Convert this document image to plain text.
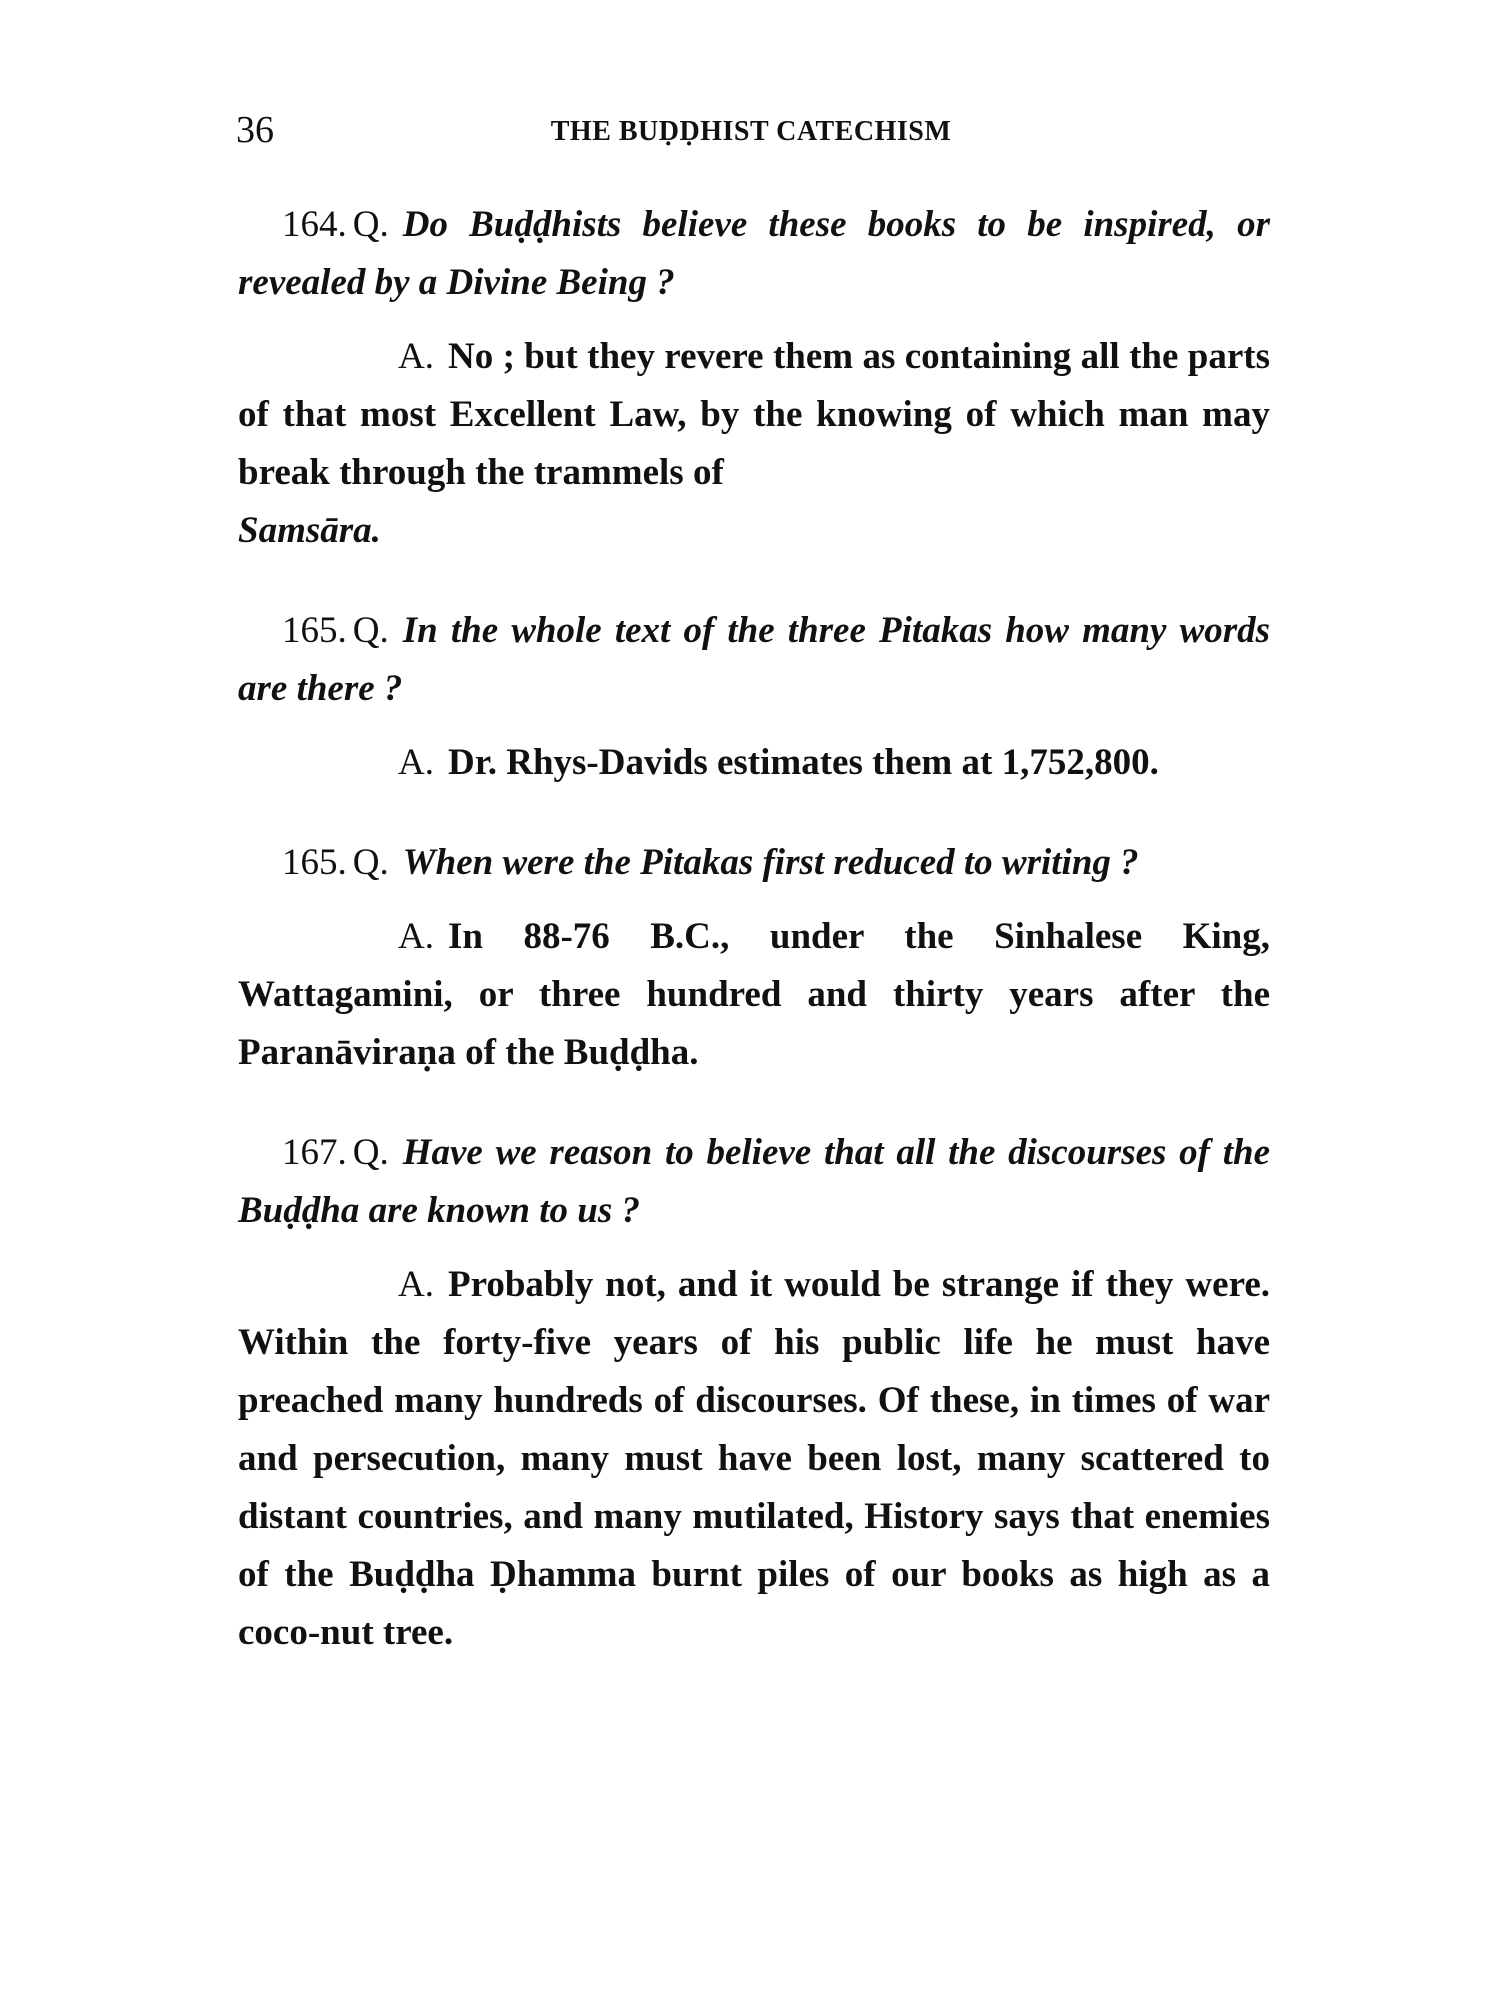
36	THE BUḌḌHIST CATECHISM

164. Q. Do Buḍḍhists believe these books to be inspired, or revealed by a Divine Being ?

A. No ; but they revere them as containing all the parts of that most Excellent Law, by the knowing of which man may break through the trammels of
Samsāra.

165. Q. In the whole text of the three Pitakas how many words are there ?

A. Dr. Rhys-Davids estimates them at 1,752,800.

165. Q. When were the Pitakas first reduced to writing ?

A. In 88-76 B.C., under the Sinhalese King, Wattagamini, or three hundred and thirty years after the Paranāviraṇa of the Buḍḍha.

167. Q. Have we reason to believe that all the discourses of the Buḍḍha are known to us ?

A. Probably not, and it would be strange if they were. Within the forty-five years of his public life he must have preached many hundreds of discourses. Of these, in times of war and persecution, many must have been lost, many scattered to distant countries, and many mutilated, History says that enemies of the Buḍḍha Ḍhamma burnt piles of our books as high as a coco-nut tree.
